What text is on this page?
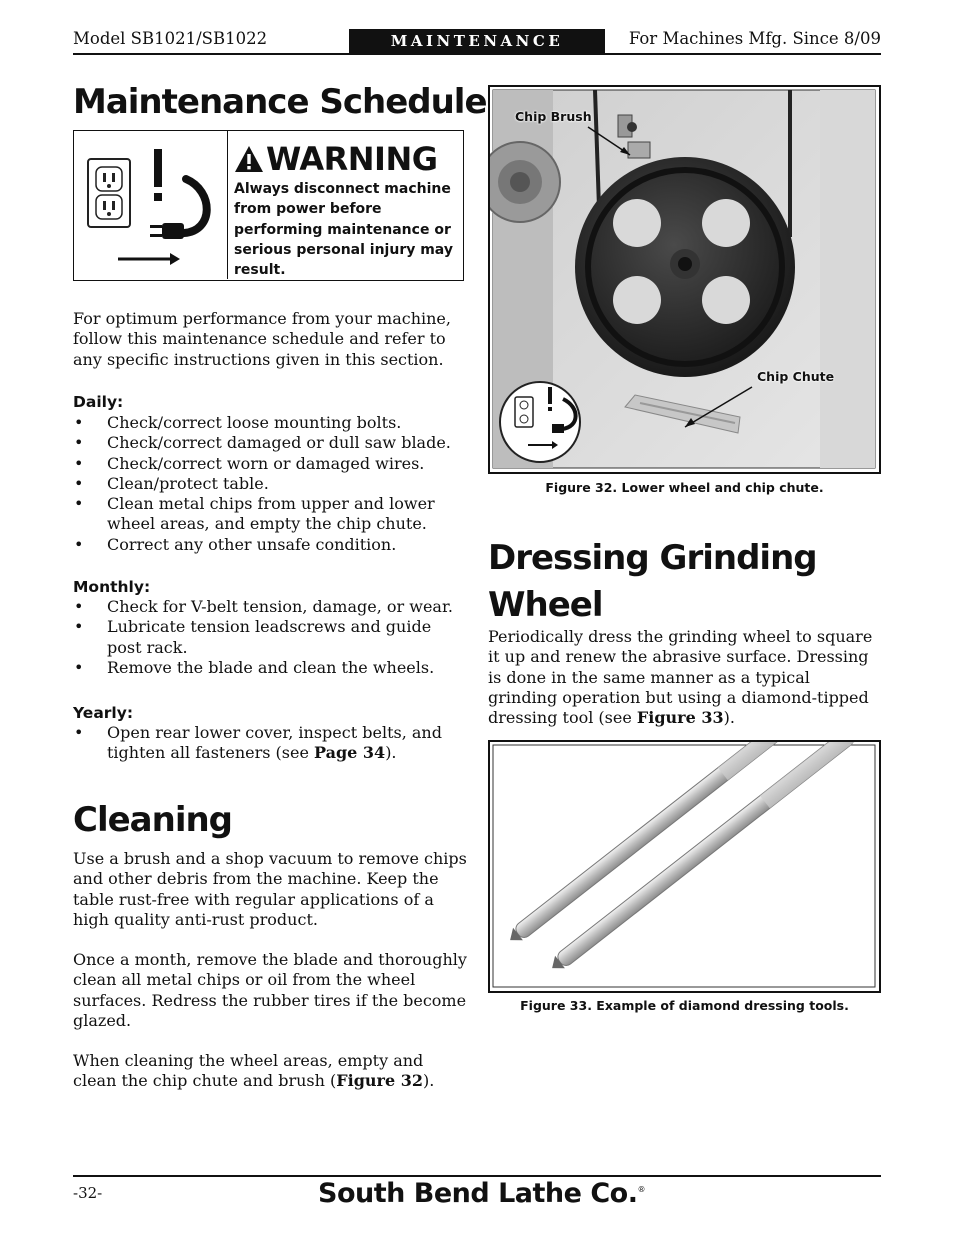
Model SB1021/SB1022	MAINTENANCE	For Machines Mfg. Since 8/09
Maintenance Schedule
WARNING
Always disconnect machine from power before performing maintenance or serious personal injury may result.

For optimum performance from your machine, follow this maintenance schedule and refer to any specific instructions given in this section.

Daily:
• Check/correct loose mounting bolts.
• Check/correct damaged or dull saw blade.
• Check/correct worn or damaged wires.
• Clean/protect table.
• Clean metal chips from upper and lower wheel areas, and empty the chip chute.
• Correct any other unsafe condition.
Monthly:
• Check for V-belt tension, damage, or wear.
• Lubricate tension leadscrews and guide post rack.
• Remove the blade and clean the wheels.
Yearly:
• Open rear lower cover, inspect belts, and tighten all fasteners (see Page 34).
Cleaning

Use a brush and a shop vacuum to remove chips and other debris from the machine. Keep the table rust-free with regular applications of a high quality anti-rust product.

Once a month, remove the blade and thoroughly clean all metal chips or oil from the wheel surfaces. Redress the rubber tires if the become glazed.

When cleaning the wheel areas, empty and clean the chip chute and brush (Figure 32).

Chip Brush
Chip Chute
Figure 32. Lower wheel and chip chute.
Dressing Grinding
Wheel

Periodically dress the grinding wheel to square it up and renew the abrasive surface. Dressing is done in the same manner as a typical grinding operation but using a diamond-tipped dressing tool (see Figure 33).

Figure 33. Example of diamond dressing tools.
-32-	South Bend Lathe Co.®
